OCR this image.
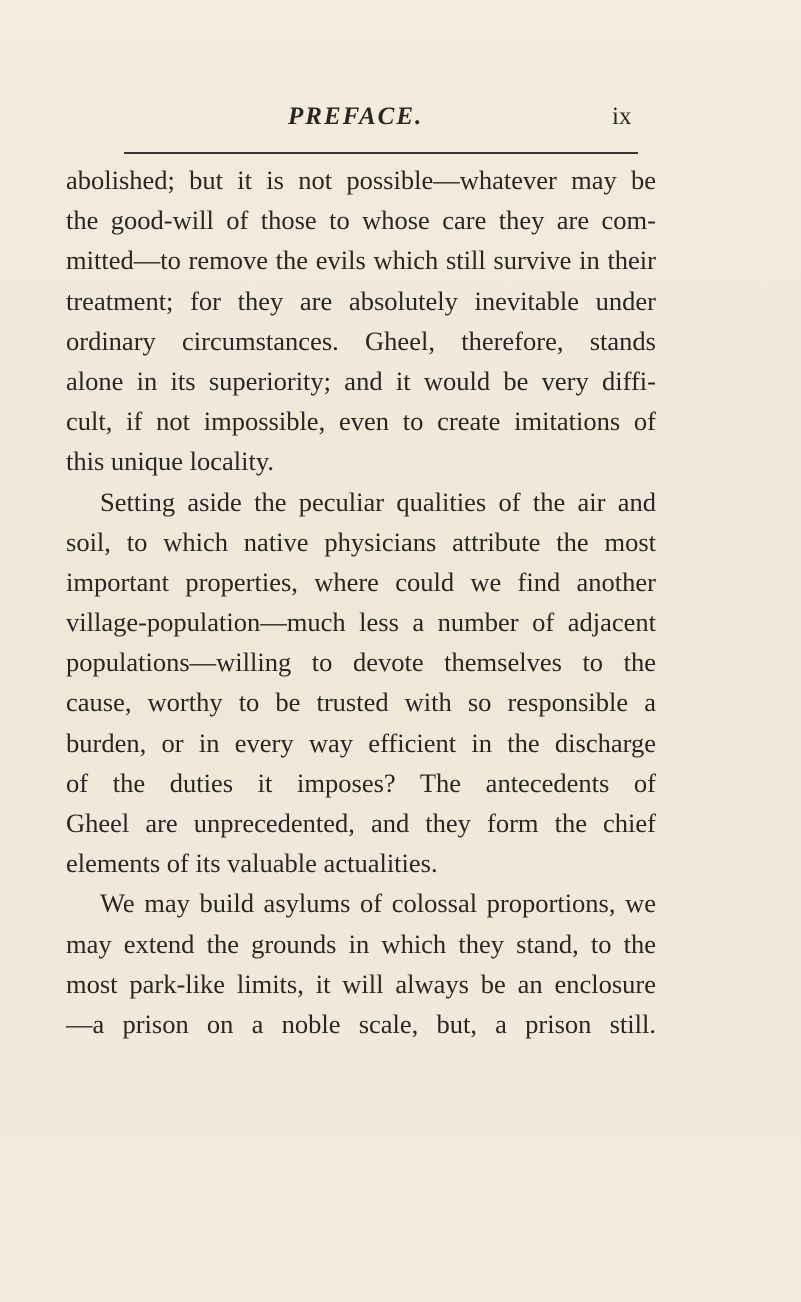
PREFACE.	ix
abolished; but it is not possible—whatever may be
the good-will of those to whose care they are com-
mitted—to remove the evils which still survive in their
treatment; for they are absolutely inevitable under
ordinary circumstances. Gheel, therefore, stands
alone in its superiority; and it would be very diffi-
cult, if not impossible, even to create imitations of
this unique locality.
Setting aside the peculiar qualities of the air and
soil, to which native physicians attribute the most
important properties, where could we find another
village-population—much less a number of adjacent
populations—willing to devote themselves to the
cause, worthy to be trusted with so responsible a
burden, or in every way efficient in the discharge
of the duties it imposes? The antecedents of
Gheel are unprecedented, and they form the chief
elements of its valuable actualities.
We may build asylums of colossal proportions, we
may extend the grounds in which they stand, to the
most park-like limits, it will always be an enclosure
—a prison on a noble scale, but, a prison still.
